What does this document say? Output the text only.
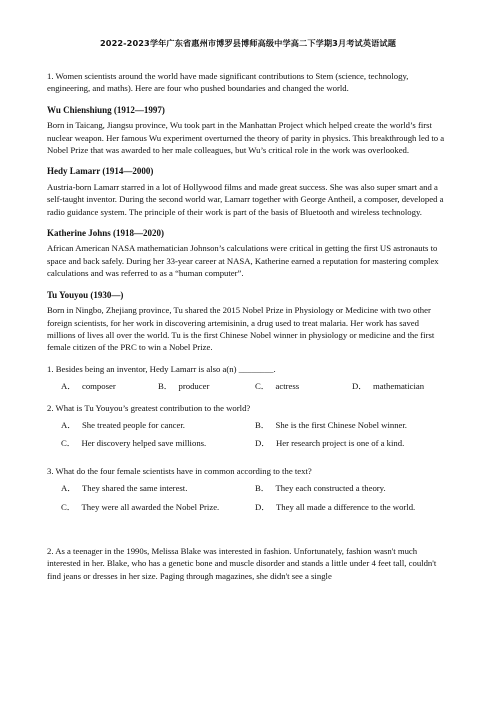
2022-2023学年广东省惠州市博罗县博师高级中学高二下学期3月考试英语试题

1. Women scientists around the world have made significant contributions to Stem (science, technology, engineering, and maths). Here are four who pushed boundaries and changed the world.

Wu Chienshiung (1912—1997)

Born in Taicang, Jiangsu province, Wu took part in the Manhattan Project which helped create the world’s first nuclear weapon. Her famous Wu experiment overturned the theory of parity in physics. This breakthrough led to a Nobel Prize that was awarded to her male colleagues, but Wu’s critical role in the work was overlooked.

Hedy Lamarr (1914—2000)

Austria-born Lamarr starred in a lot of Hollywood films and made great success. She was also super smart and a self-taught inventor. During the second world war, Lamarr together with George Antheil, a composer, developed a radio guidance system. The principle of their work is part of the basis of Bluetooth and wireless technology.

Katherine Johns (1918—2020)

African American NASA mathematician Johnson’s calculations were critical in getting the first US astronauts to space and back safely. During her 33-year career at NASA, Katherine earned a reputation for mastering complex calculations and was referred to as a “human computer”.

Tu Youyou (1930—)

Born in Ningbo, Zhejiang province, Tu shared the 2015 Nobel Prize in Physiology or Medicine with two other foreign scientists, for her work in discovering artemisinin, a drug used to treat malaria. Her work has saved millions of lives all over the world. Tu is the first Chinese Nobel winner in physiology or medicine and the first female citizen of the PRC to win a Nobel Prize.

1. Besides being an inventor, Hedy Lamarr is also a(n) ________.

A． composer	B． producer	C． actress	D． mathematician

2. What is Tu Youyou’s greatest contribution to the world?

A． She treated people for cancer.	B． She is the first Chinese Nobel winner.
C． Her discovery helped save millions.	D． Her research project is one of a kind.

3. What do the four female scientists have in common according to the text?

A． They shared the same interest.	B． They each constructed a theory.
C． They were all awarded the Nobel Prize.	D． They all made a difference to the world.

2. As a teenager in the 1990s, Melissa Blake was interested in fashion. Unfortunately, fashion wasn't much interested in her. Blake, who has a genetic bone and muscle disorder and stands a little under 4 feet tall, couldn't find jeans or dresses in her size. Paging through magazines, she didn't see a single
